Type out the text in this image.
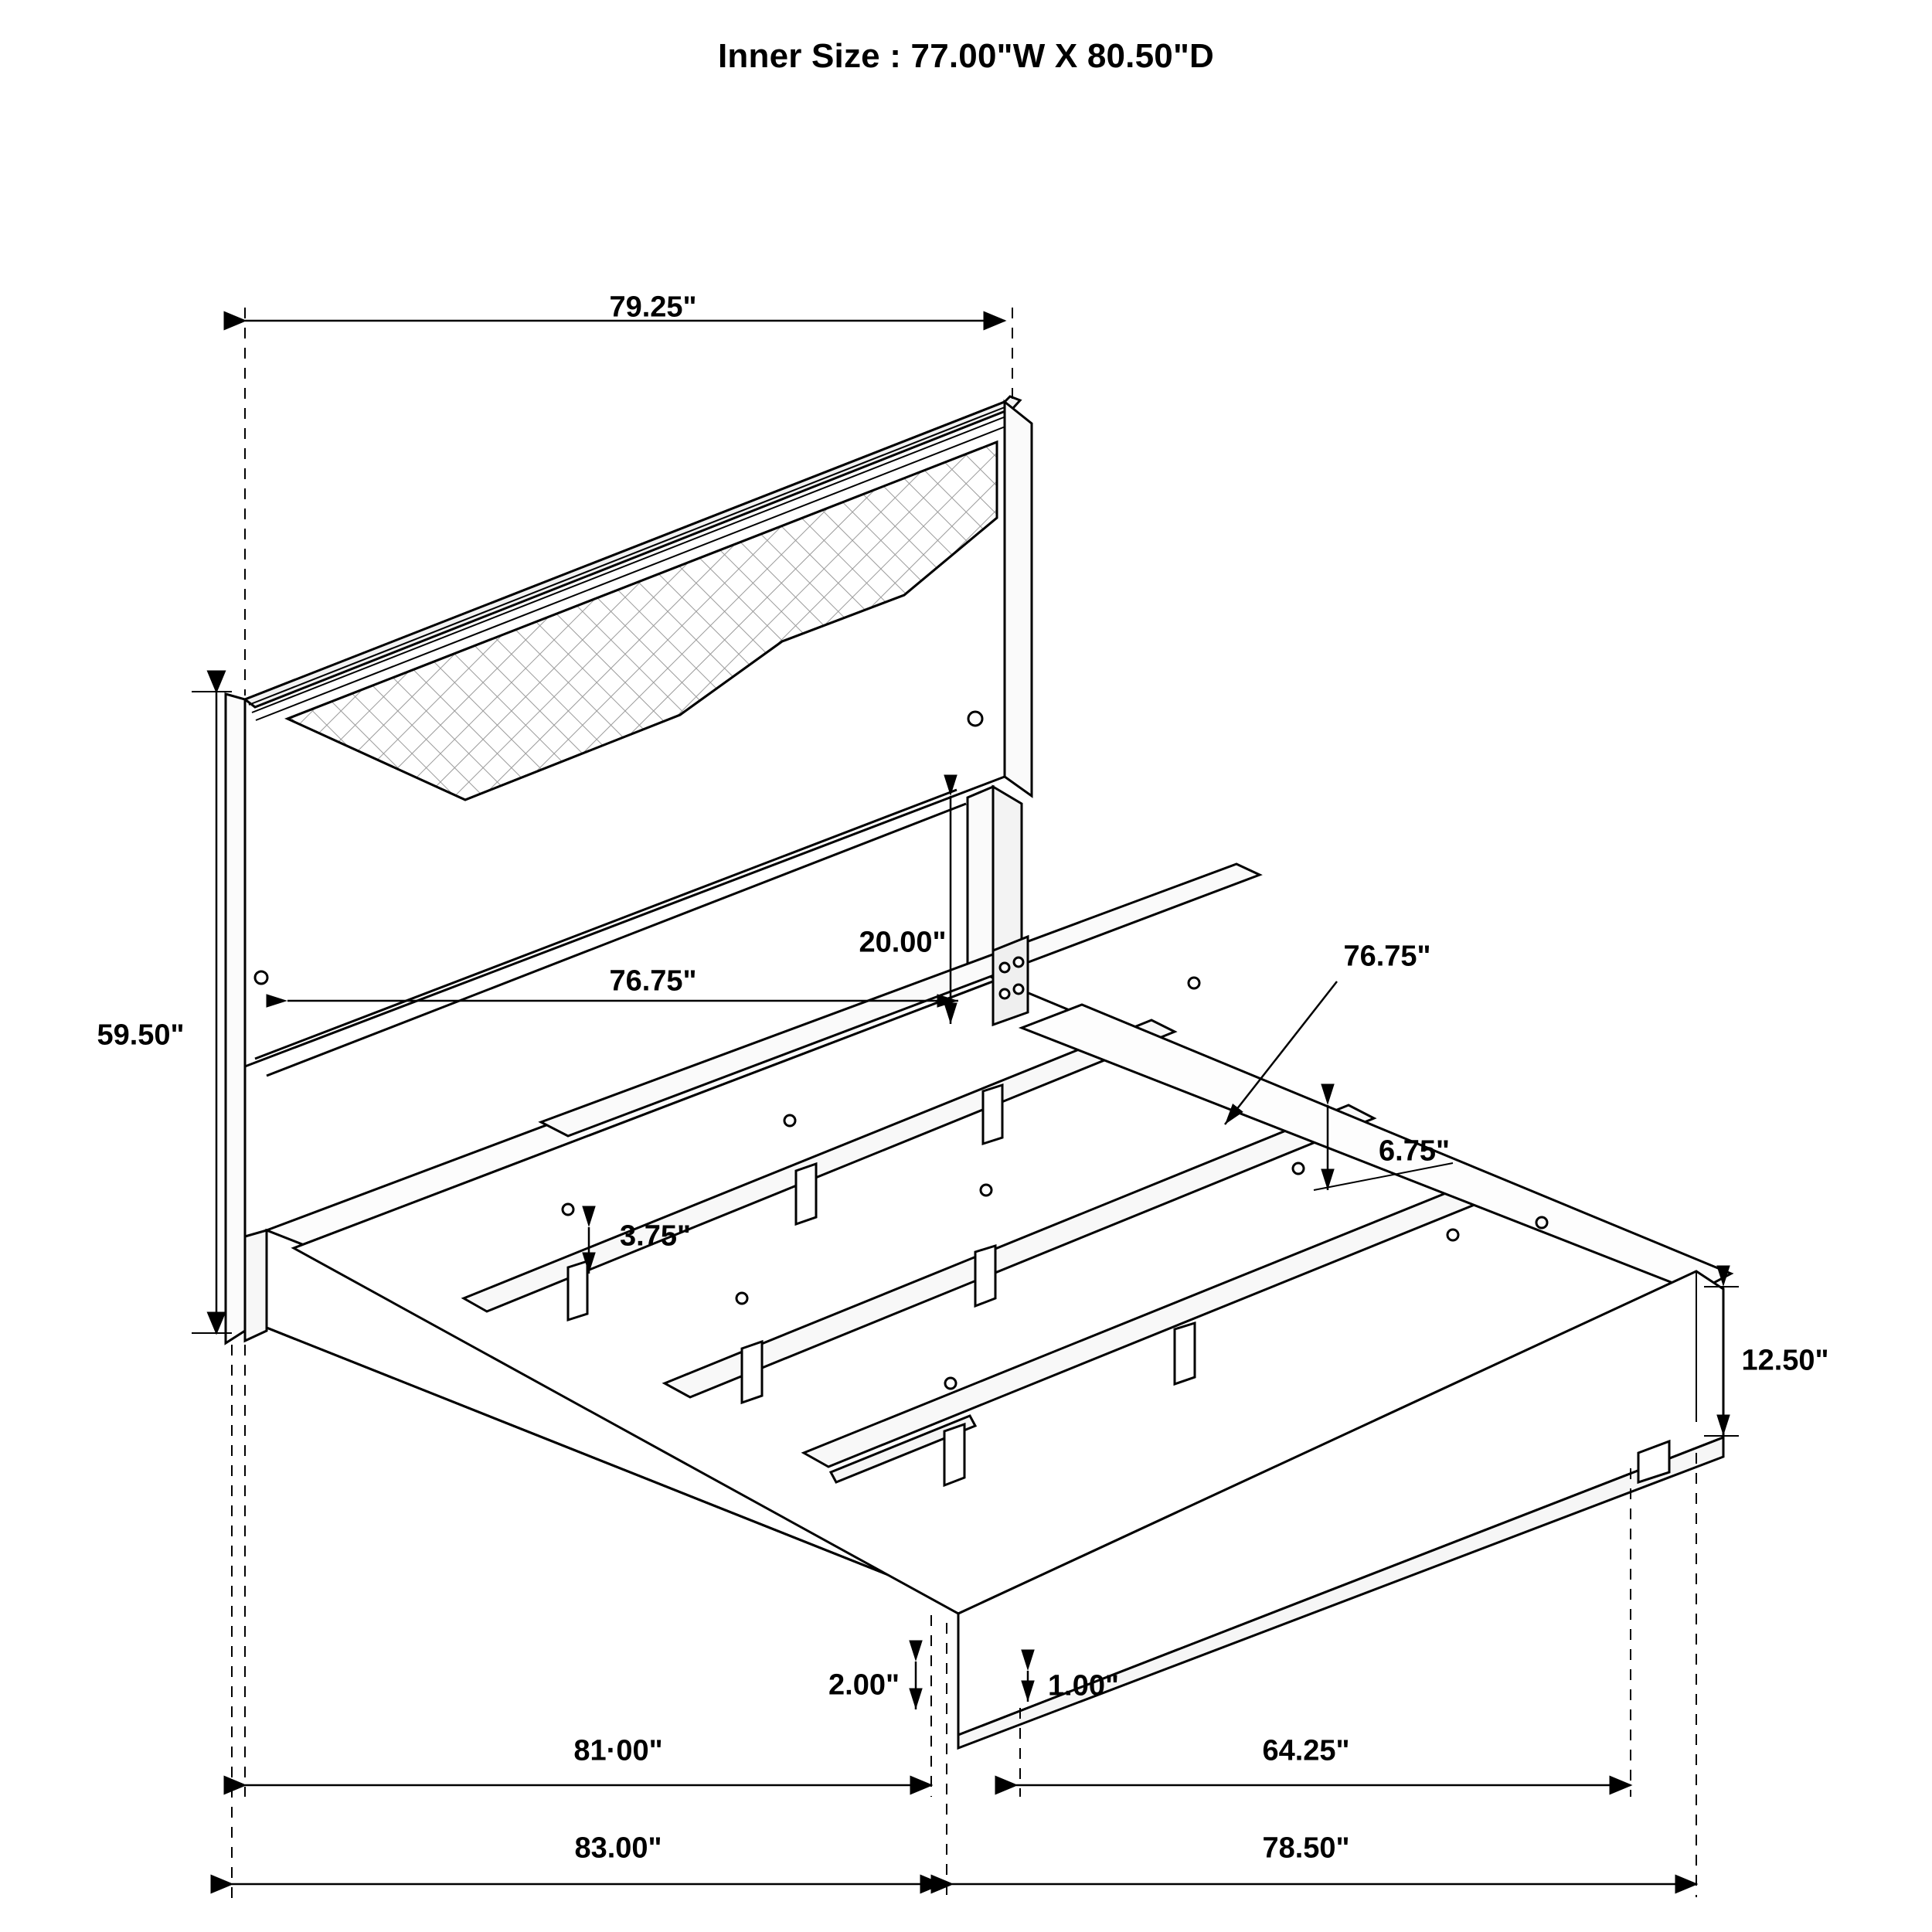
Inner Size : 77.00"W X 80.50"D
79.25"
59.50"
76.75"
20.00"	76.75"
6.75"
3.75"
12.50"
2.00"	1.00"
81·00"	64.25"
83.00"	78.50"
